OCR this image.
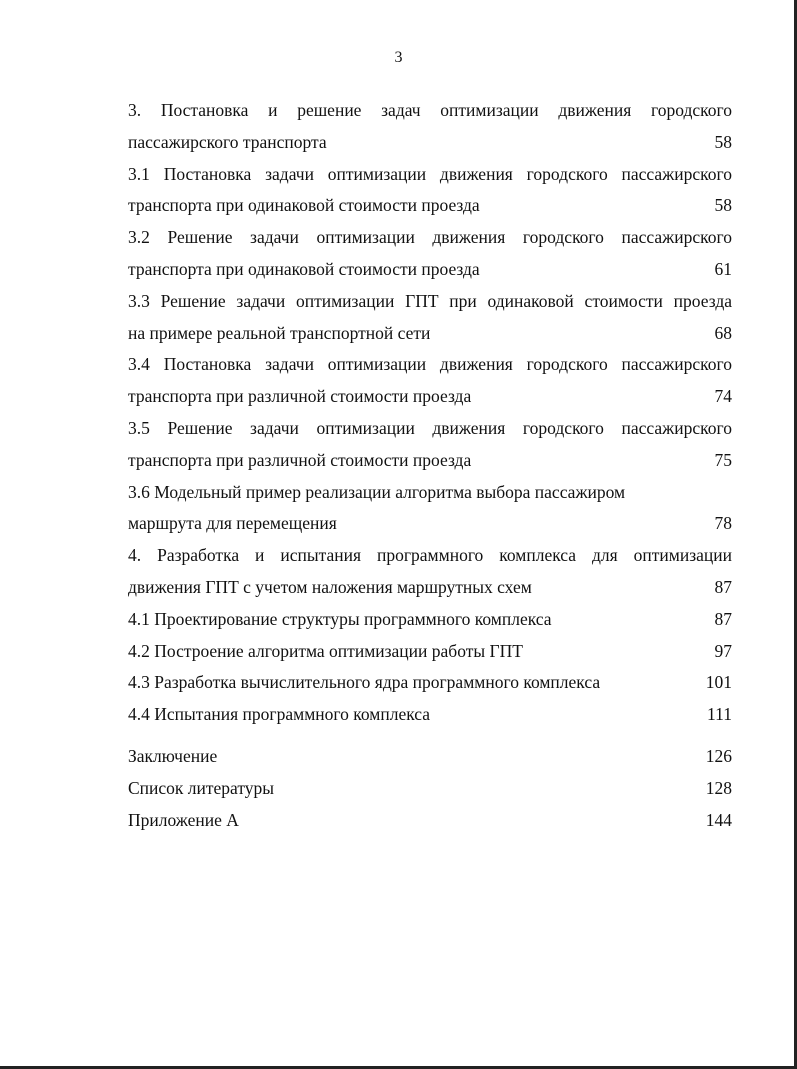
3
3. Постановка и решение задач оптимизации движения городского
пассажирского транспорта	58
3.1 Постановка задачи оптимизации движения городского пассажирского
транспорта при одинаковой стоимости проезда	58
3.2 Решение задачи оптимизации движения городского пассажирского
транспорта при одинаковой стоимости проезда	61
3.3 Решение задачи оптимизации ГПТ при одинаковой стоимости проезда
на примере реальной транспортной сети	68
3.4 Постановка задачи оптимизации движения городского пассажирского
транспорта при различной стоимости проезда	74
3.5 Решение задачи оптимизации движения городского пассажирского
транспорта при различной стоимости проезда	75
3.6 Модельный пример реализации алгоритма выбора пассажиром
маршрута для перемещения	78
4. Разработка и испытания программного комплекса для оптимизации
движения ГПТ с учетом наложения маршрутных схем	87
4.1 Проектирование структуры программного комплекса	87
4.2 Построение алгоритма оптимизации работы ГПТ	97
4.3 Разработка вычислительного ядра программного комплекса	101
4.4 Испытания программного комплекса	111
Заключение	126
Список литературы	128
Приложение А	144
